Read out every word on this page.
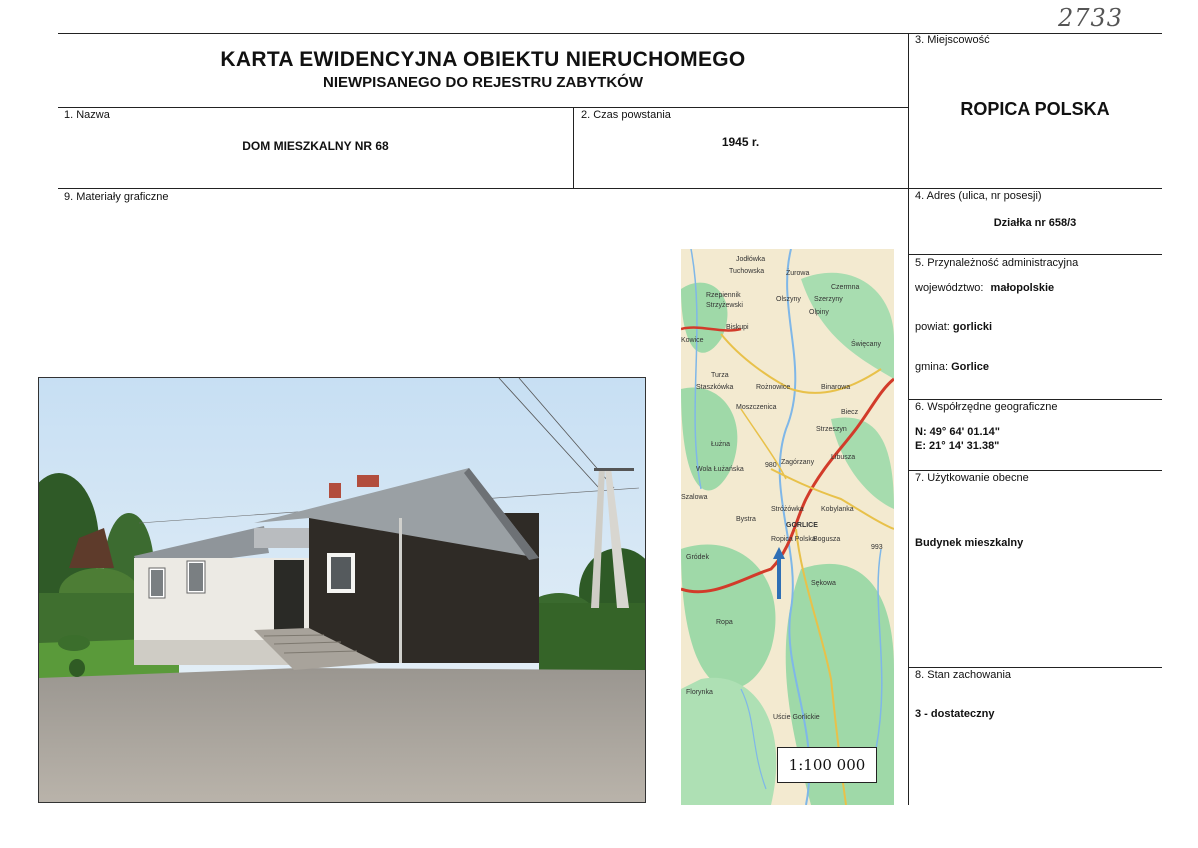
2733
KARTA EWIDENCYJNA OBIEKTU NIERUCHOMEGO
NIEWPISANEGO DO REJESTRU ZABYTKÓW
3. Miejscowość
ROPICA POLSKA
1. Nazwa
DOM MIESZKALNY NR 68
2. Czas powstania
1945 r.
9. Materiały graficzne	4. Adres (ulica, nr posesji)
Działka nr 658/3
5. Przynależność administracyjna
województwo: małopolskie
powiat: gorlicki
gmina: Gorlice
6. Współrzędne geograficzne
N: 49° 64' 01.14"
E: 21° 14' 31.38"
7. Użytkowanie obecne
Budynek mieszkalny
8. Stan zachowania
3 - dostateczny
Jodłówka
Tuchowska	Żurowa
Czermna
Olszyny Szerzyny
Rzepiennik
Strzyżewski
Olpiny
Biskupi
Kowice
Święcany
Turza
Staszkówka	Rożnowice	Binarowa
Moszczenica
Biecz
Strzeszyn
Łużna
Zagórzany
Libusza
Wola Łużańska
Szalowa
Bystra
Stróżówka Kobylanka
GORLICE
Ropica Polska
Bogusza
Sękowa
Gródek
Ropa
Florynka
Uście Gorlickie
980
993
1:100 000
